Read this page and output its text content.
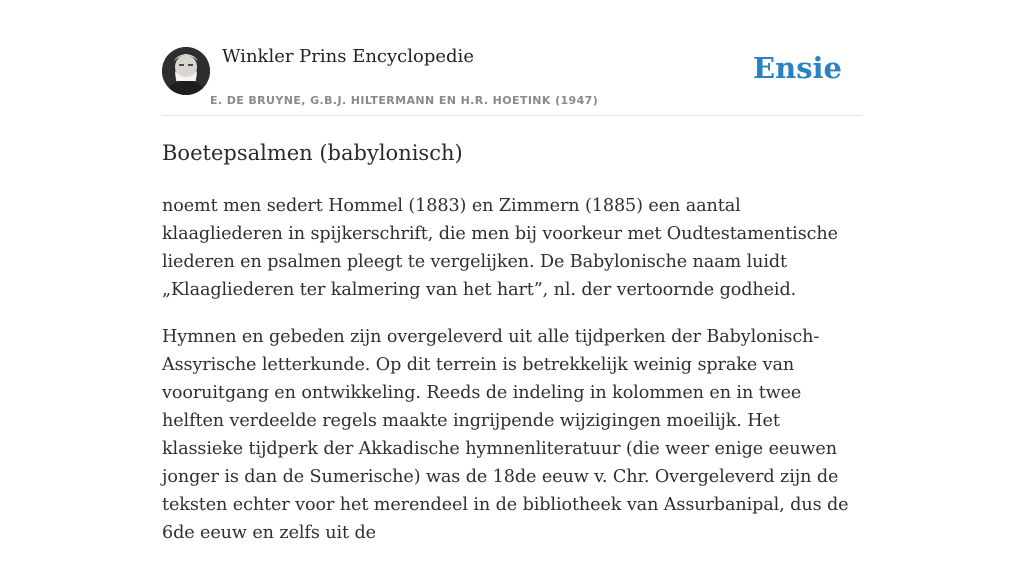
Winkler Prins Encyclopedie
E. DE BRUYNE, G.B.J. HILTERMANN EN H.R. HOETINK (1947)
Ensie
Boetepsalmen (babylonisch)

noemt men sedert Hommel (1883) en Zimmern (1885) een aantal klaagliederen in spijkerschrift, die men bij voorkeur met Oudtestamentische liederen en psalmen pleegt te vergelijken. De Babylonische naam luidt „Klaagliederen ter kalmering van het hart”, nl. der vertoornde godheid.

Hymnen en gebeden zijn overgeleverd uit alle tijdperken der Babylonisch-Assyrische letterkunde. Op dit terrein is betrekkelijk weinig sprake van vooruitgang en ontwikkeling. Reeds de indeling in kolommen en in twee helften verdeelde regels maakte ingrijpende wijzigingen moeilijk. Het klassieke tijdperk der Akkadische hymnenliteratuur (die weer enige eeuwen jonger is dan de Sumerische) was de 18de eeuw v. Chr. Overgeleverd zijn de teksten echter voor het merendeel in de bibliotheek van Assurbanipal, dus de 6de eeuw en zelfs uit de
